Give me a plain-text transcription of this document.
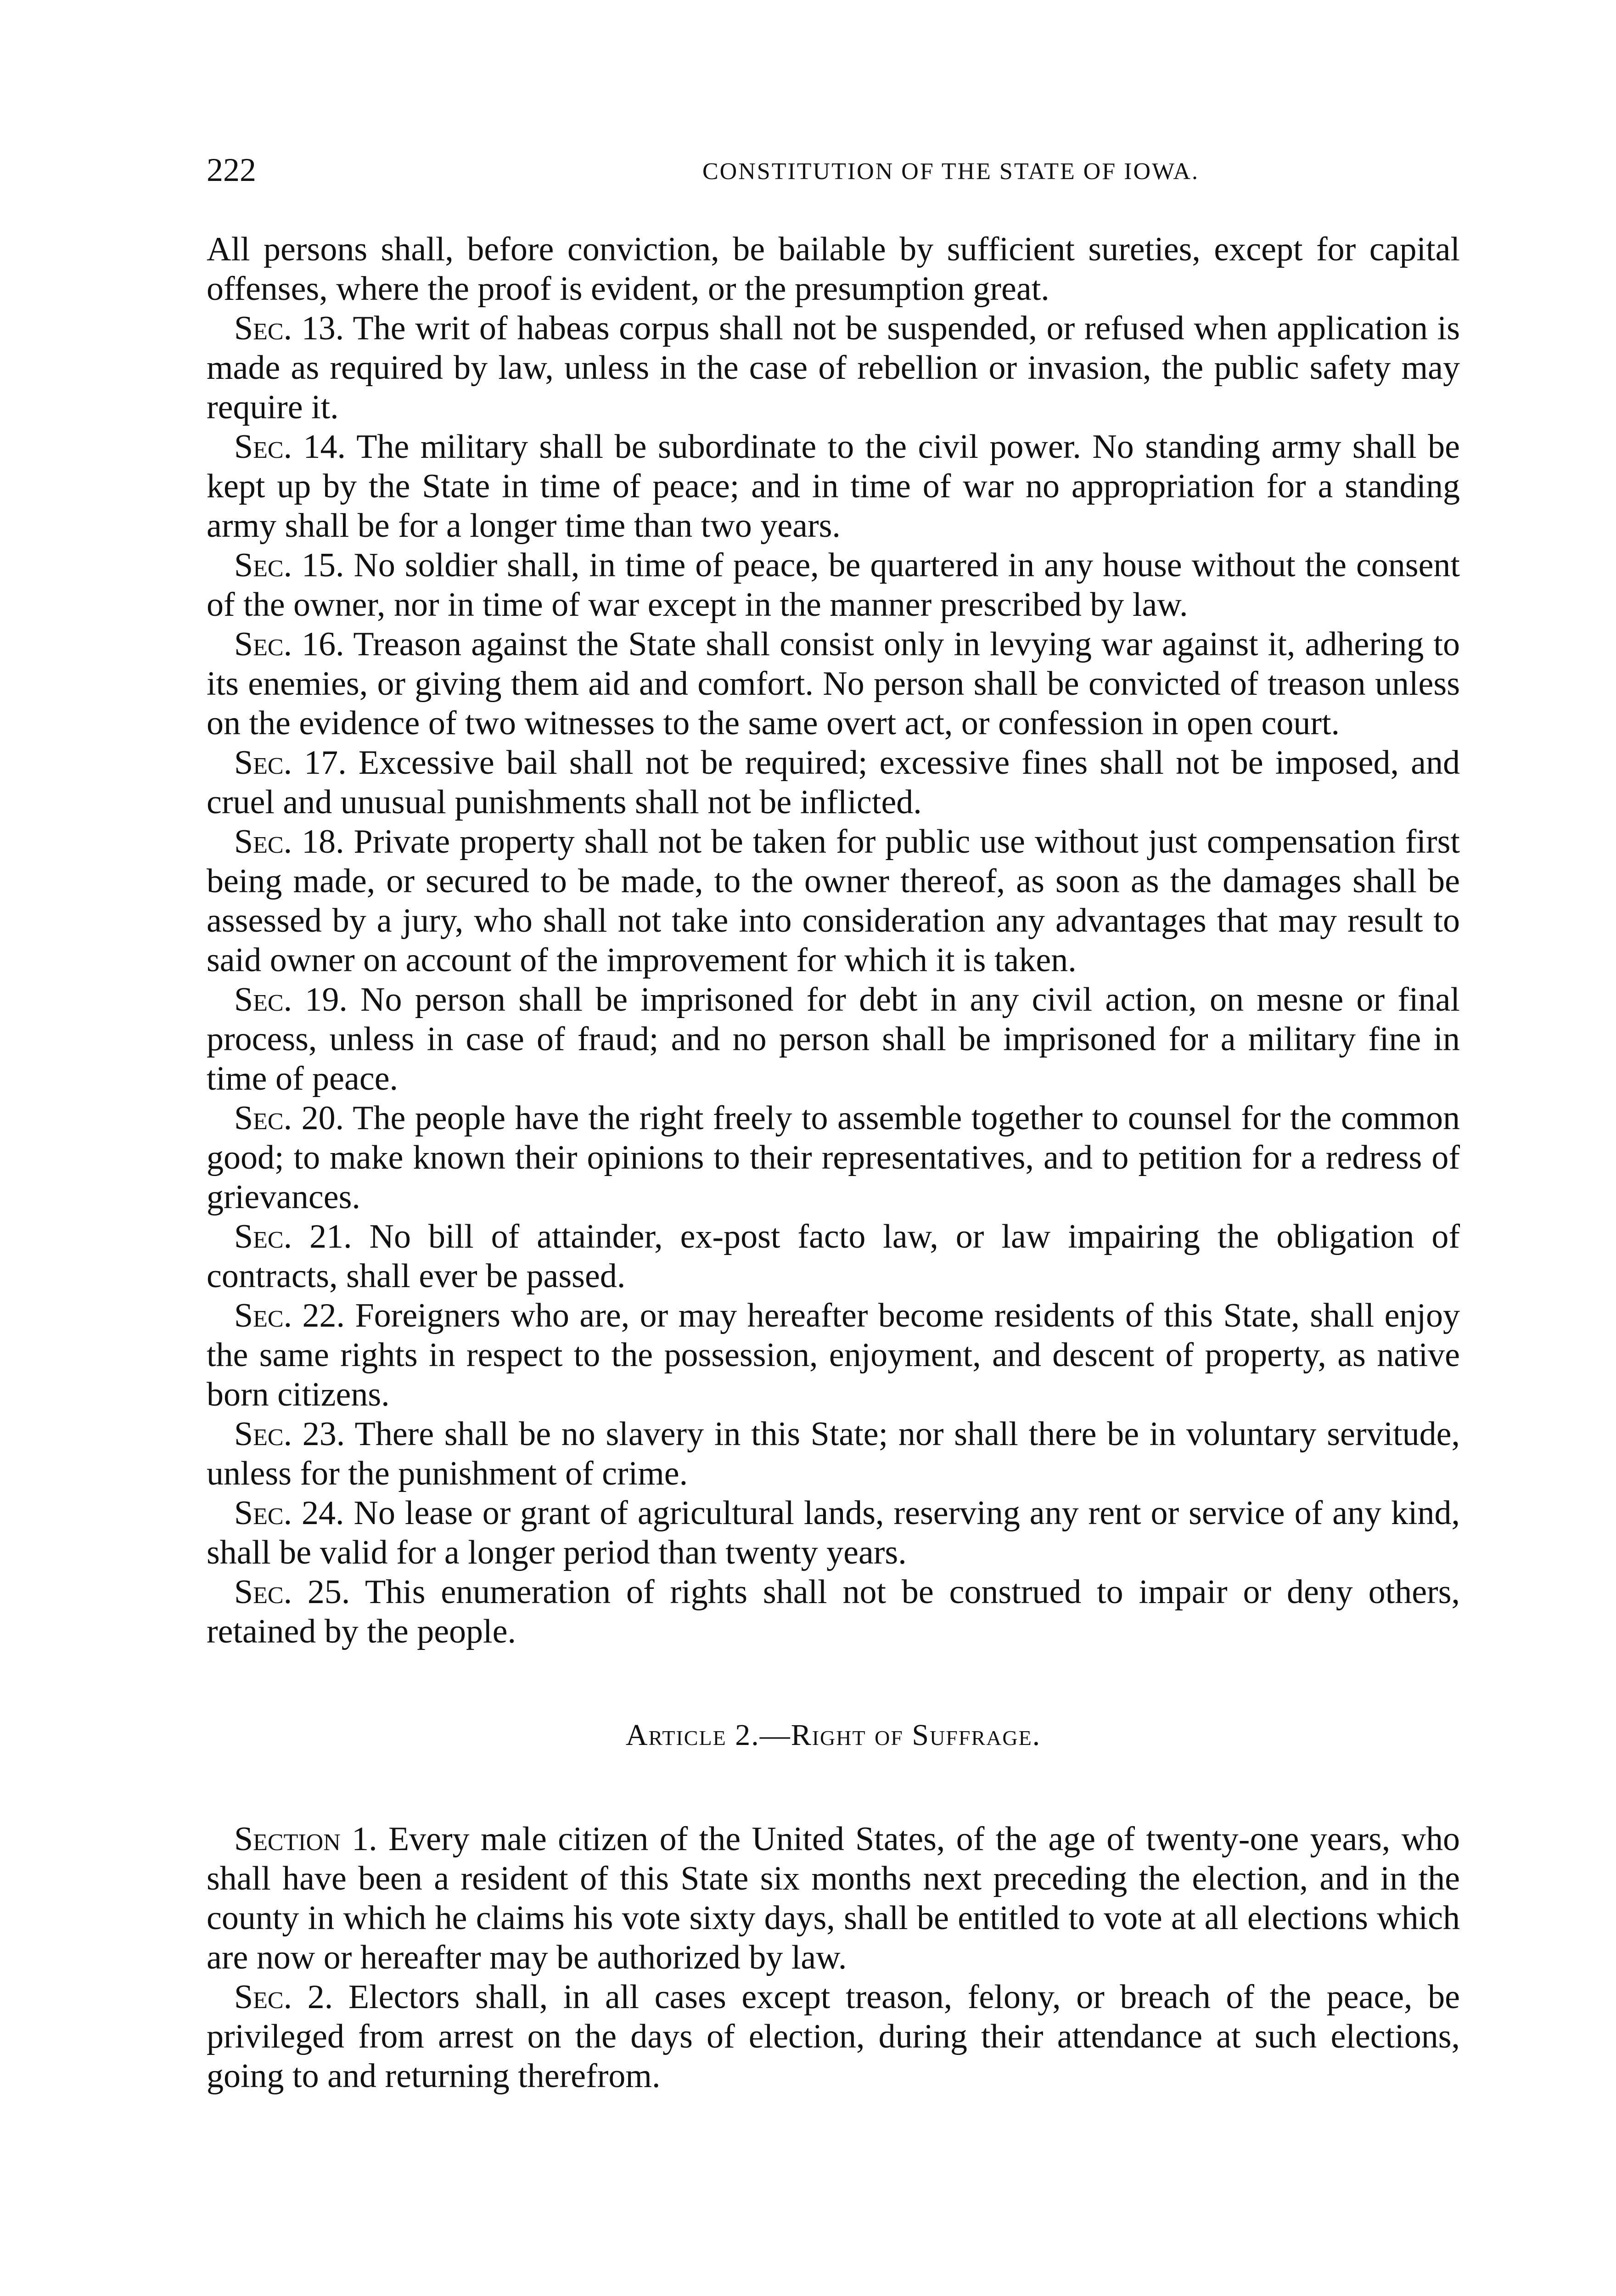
222	CONSTITUTION OF THE STATE OF IOWA.

All persons shall, before conviction, be bailable by sufficient sureties, except for capital offenses, where the proof is evident, or the presumption great.

Sec. 13. The writ of habeas corpus shall not be suspended, or refused when application is made as required by law, unless in the case of rebellion or invasion, the public safety may require it.

Sec. 14. The military shall be subordinate to the civil power. No standing army shall be kept up by the State in time of peace; and in time of war no appropriation for a standing army shall be for a longer time than two years.

Sec. 15. No soldier shall, in time of peace, be quartered in any house without the consent of the owner, nor in time of war except in the manner prescribed by law.

Sec. 16. Treason against the State shall consist only in levying war against it, adhering to its enemies, or giving them aid and comfort. No person shall be convicted of treason unless on the evidence of two witnesses to the same overt act, or confession in open court.

Sec. 17. Excessive bail shall not be required; excessive fines shall not be imposed, and cruel and unusual punishments shall not be inflicted.

Sec. 18. Private property shall not be taken for public use without just compensation first being made, or secured to be made, to the owner thereof, as soon as the damages shall be assessed by a jury, who shall not take into consideration any advantages that may result to said owner on account of the improvement for which it is taken.

Sec. 19. No person shall be imprisoned for debt in any civil action, on mesne or final process, unless in case of fraud; and no person shall be imprisoned for a military fine in time of peace.

Sec. 20. The people have the right freely to assemble together to counsel for the common good; to make known their opinions to their representatives, and to petition for a redress of grievances.

Sec. 21. No bill of attainder, ex-post facto law, or law impairing the obligation of contracts, shall ever be passed.

Sec. 22. Foreigners who are, or may hereafter become residents of this State, shall enjoy the same rights in respect to the possession, enjoyment, and descent of property, as native born citizens.

Sec. 23. There shall be no slavery in this State; nor shall there be in voluntary servitude, unless for the punishment of crime.

Sec. 24. No lease or grant of agricultural lands, reserving any rent or service of any kind, shall be valid for a longer period than twenty years.

Sec. 25. This enumeration of rights shall not be construed to impair or deny others, retained by the people.

Article 2.—Right of Suffrage.

Section 1. Every male citizen of the United States, of the age of twenty-one years, who shall have been a resident of this State six months next preceding the election, and in the county in which he claims his vote sixty days, shall be entitled to vote at all elections which are now or hereafter may be authorized by law.

Sec. 2. Electors shall, in all cases except treason, felony, or breach of the peace, be privileged from arrest on the days of election, during their attendance at such elections, going to and returning therefrom.
